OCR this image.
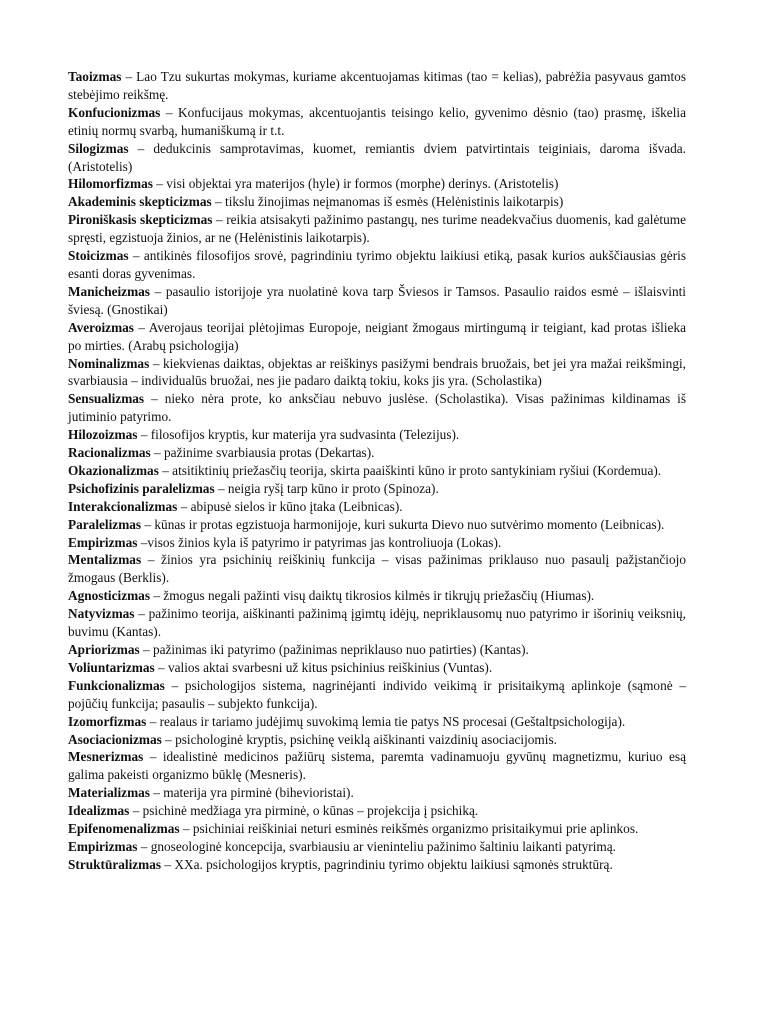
Taoizmas – Lao Tzu sukurtas mokymas, kuriame akcentuojamas kitimas (tao = kelias), pabrėžia pasyvaus gamtos stebėjimo reikšmę.

Konfucionizmas – Konfucijaus mokymas, akcentuojantis teisingo kelio, gyvenimo dėsnio (tao) prasmę, iškelia etinių normų svarbą, humaniškumą ir t.t.

Silogizmas – dedukcinis samprotavimas, kuomet, remiantis dviem patvirtintais teiginiais, daroma išvada. (Aristotelis)

Hilomorfizmas – visi objektai yra materijos (hyle) ir formos (morphe) derinys. (Aristotelis)

Akademinis skepticizmas – tikslu žinojimas neįmanomas iš esmės (Helėnistinis laikotarpis)

Pironiškasis skepticizmas – reikia atsisakyti pažinimo pastangų, nes turime neadekvačius duomenis, kad galėtume spręsti, egzistuoja žinios, ar ne (Helėnistinis laikotarpis).

Stoicizmas – antikinės filosofijos srovė, pagrindiniu tyrimo objektu laikiusi etiką, pasak kurios aukščiausias gėris esanti doras gyvenimas.

Manicheizmas – pasaulio istorijoje yra nuolatinė kova tarp Šviesos ir Tamsos. Pasaulio raidos esmė – išlaisvinti šviesą. (Gnostikai)

Averoizmas – Averojaus teorijai plėtojimas Europoje, neigiant žmogaus mirtingumą ir teigiant, kad protas išlieka po mirties. (Arabų psichologija)

Nominalizmas – kiekvienas daiktas, objektas ar reiškinys pasižymi bendrais bruožais, bet jei yra mažai reikšmingi, svarbiausia – individualūs bruožai, nes jie padaro daiktą tokiu, koks jis yra. (Scholastika)

Sensualizmas – nieko nėra prote, ko anksčiau nebuvo juslėse. (Scholastika). Visas pažinimas kildinamas iš jutiminio patyrimo.

Hilozoizmas – filosofijos kryptis, kur materija yra sudvasinta (Telezijus).

Racionalizmas – pažinime svarbiausia protas (Dekartas).

Okazionalizmas – atsitiktinių priežasčių teorija, skirta paaiškinti kūno ir proto santykiniam ryšiui (Kordemua).

Psichofizinis paralelizmas – neigia ryšį tarp kūno ir proto (Spinoza).

Interakcionalizmas – abipusė sielos ir kūno įtaka (Leibnicas).

Paralelizmas – kūnas ir protas egzistuoja harmonijoje, kuri sukurta Dievo nuo sutvėrimo momento (Leibnicas).

Empirizmas –visos žinios kyla iš patyrimo ir patyrimas jas kontroliuoja (Lokas).

Mentalizmas – žinios yra psichinių reiškinių funkcija – visas pažinimas priklauso nuo pasaulį pažįstančiojo žmogaus (Berklis).

Agnosticizmas – žmogus negali pažinti visų daiktų tikrosios kilmės ir tikrųjų priežasčių (Hiumas).

Natyvizmas – pažinimo teorija, aiškinanti pažinimą įgimtų idėjų, nepriklausomų nuo patyrimo ir išorinių veiksnių, buvimu (Kantas).

Apriorizmas – pažinimas iki patyrimo (pažinimas nepriklauso nuo patirties) (Kantas).

Voliuntarizmas – valios aktai svarbesni už kitus psichinius reiškinius (Vuntas).

Funkcionalizmas – psichologijos sistema, nagrinėjanti individo veikimą ir prisitaikymą aplinkoje (sąmonė – pojūčių funkcija; pasaulis – subjekto funkcija).

Izomorfizmas – realaus ir tariamo judėjimų suvokimą lemia tie patys NS procesai (Geštaltpsichologija).

Asociacionizmas – psichologinė kryptis, psichinę veiklą aiškinanti vaizdinių asociacijomis.

Mesnerizmas – idealistinė medicinos pažiūrų sistema, paremta vadinamuoju gyvūnų magnetizmu, kuriuo esą galima pakeisti organizmo būklę (Mesneris).

Materializmas – materija yra pirminė (bihevioristai).

Idealizmas – psichinė medžiaga yra pirminė, o kūnas – projekcija į psichiką.

Epifenomenalizmas – psichiniai reiškiniai neturi esminės reikšmės organizmo prisitaikymui prie aplinkos.

Empirizmas – gnoseologinė koncepcija, svarbiausiu ar vieninteliu pažinimo šaltiniu laikanti patyrimą.

Struktūralizmas – XXa. psichologijos kryptis, pagrindiniu tyrimo objektu laikiusi sąmonės struktūrą.
